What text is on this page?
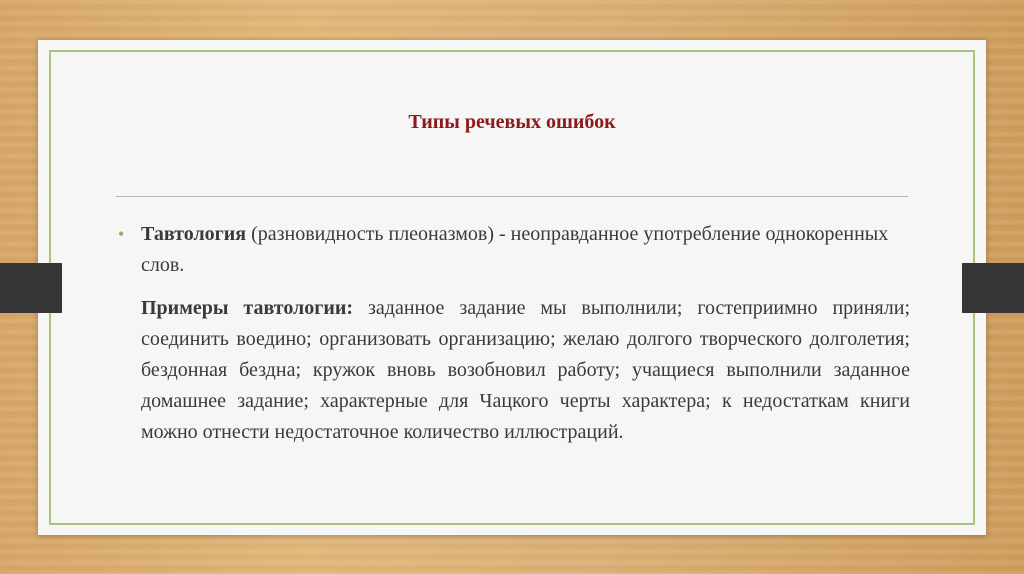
Типы речевых ошибок
• Тавтология (разновидность плеоназмов) - неоправданное употребление однокоренных слов.
Примеры тавтологии: заданное задание мы выполнили; гостеприимно приняли; соединить воедино; организовать организацию; желаю долгого творческого долголетия; бездонная бездна; кружок вновь возобновил работу; учащиеся выполнили заданное домашнее задание; характерные для Чацкого черты характера; к недостаткам книги можно отнести недостаточное количество иллюстраций.
